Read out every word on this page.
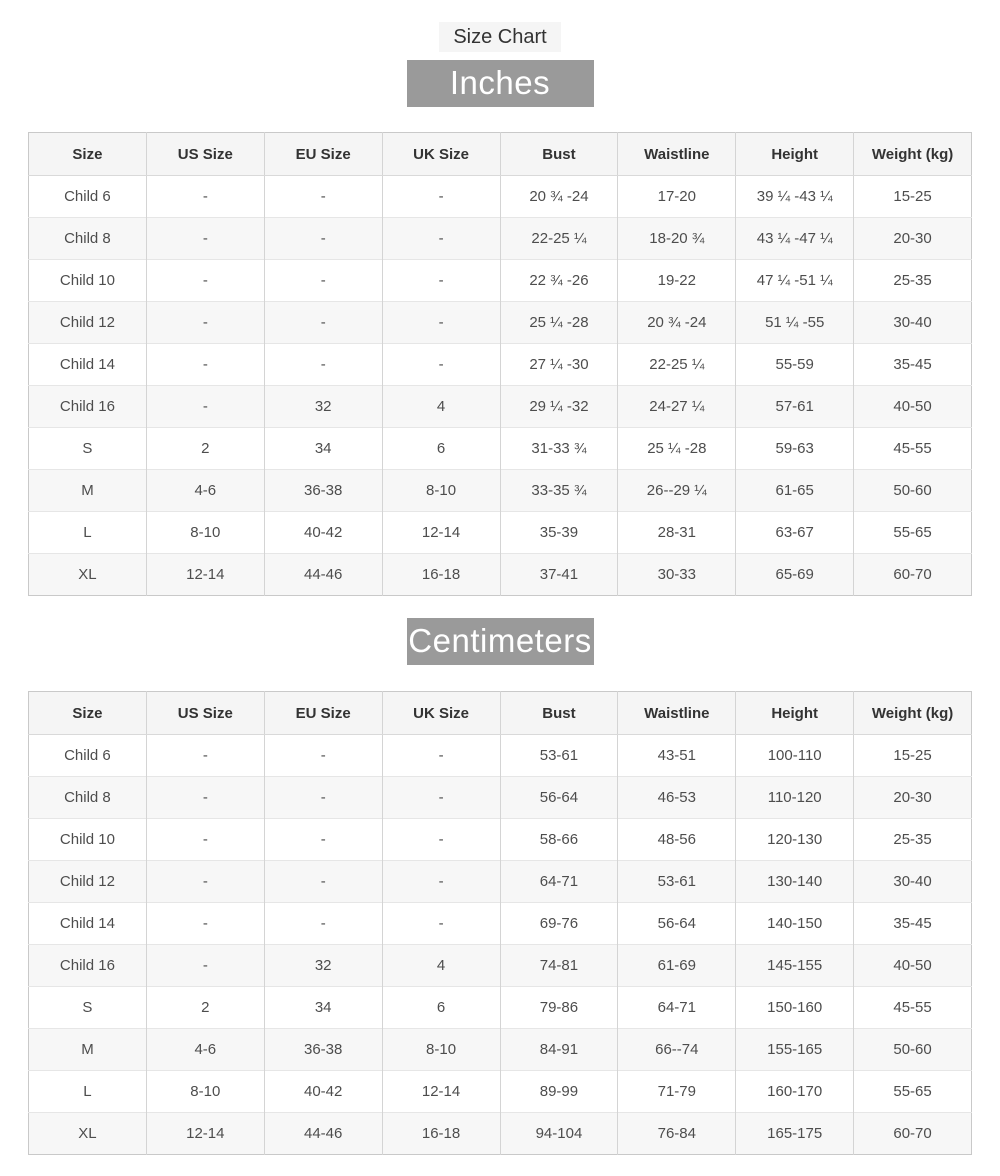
Size Chart
Inches
Size	US Size	EU Size	UK Size	Bust	Waistline	Height	Weight (kg)
Child 6	-	-	-	20 ¾ -24	17-20	39 ¼ -43 ¼	15-25
Child 8	-	-	-	22-25 ¼	18-20 ¾	43 ¼ -47 ¼	20-30
Child 10	-	-	-	22 ¾ -26	19-22	47 ¼ -51 ¼	25-35
Child 12	-	-	-	25 ¼ -28	20 ¾ -24	51 ¼ -55	30-40
Child 14	-	-	-	27 ¼ -30	22-25 ¼	55-59	35-45
Child 16	-	32	4	29 ¼ -32	24-27 ¼	57-61	40-50
S	2	34	6	31-33 ¾	25 ¼ -28	59-63	45-55
M	4-6	36-38	8-10	33-35 ¾	26--29 ¼	61-65	50-60
L	8-10	40-42	12-14	35-39	28-31	63-67	55-65
XL	12-14	44-46	16-18	37-41	30-33	65-69	60-70
Centimeters
Size	US Size	EU Size	UK Size	Bust	Waistline	Height	Weight (kg)
Child 6	-	-	-	53-61	43-51	100-110	15-25
Child 8	-	-	-	56-64	46-53	110-120	20-30
Child 10	-	-	-	58-66	48-56	120-130	25-35
Child 12	-	-	-	64-71	53-61	130-140	30-40
Child 14	-	-	-	69-76	56-64	140-150	35-45
Child 16	-	32	4	74-81	61-69	145-155	40-50
S	2	34	6	79-86	64-71	150-160	45-55
M	4-6	36-38	8-10	84-91	66--74	155-165	50-60
L	8-10	40-42	12-14	89-99	71-79	160-170	55-65
XL	12-14	44-46	16-18	94-104	76-84	165-175	60-70
